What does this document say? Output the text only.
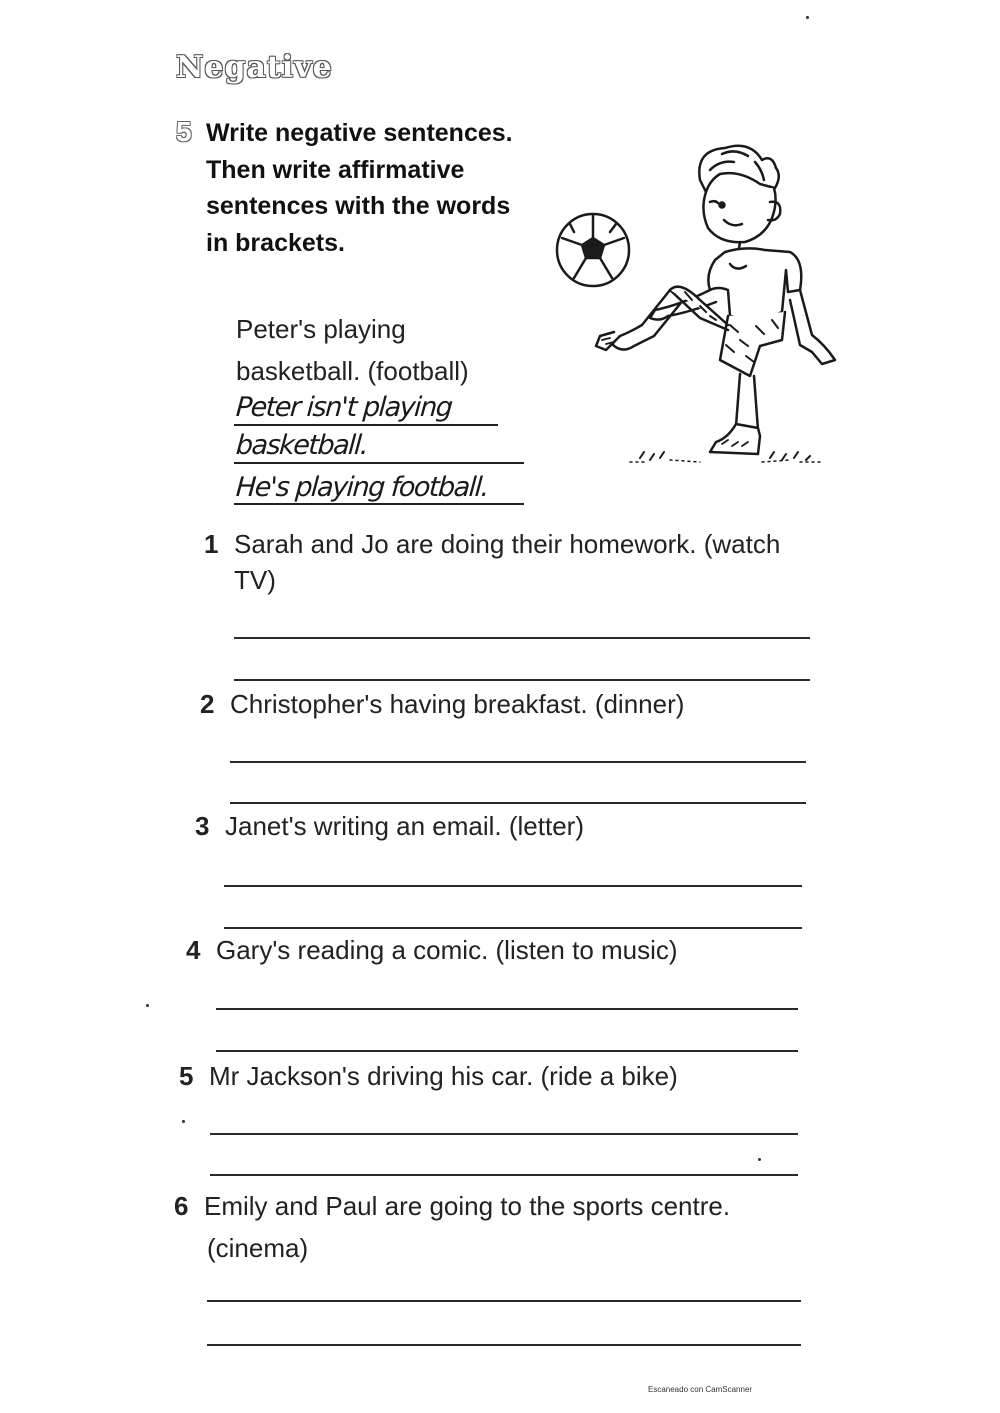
Negative
5 Write negative sentences. Then write affirmative sentences with the words in brackets.
Peter's playing
basketball. (football)
Peter isn't playing
basketball.
He's playing football.
1 Sarah and Jo are doing their homework. (watch
TV)
2 Christopher's having breakfast. (dinner)
3 Janet's writing an email. (letter)
4 Gary's reading a comic. (listen to music)
5 Mr Jackson's driving his car. (ride a bike)
6 Emily and Paul are going to the sports centre.
(cinema)
Escaneado con CamScanner
